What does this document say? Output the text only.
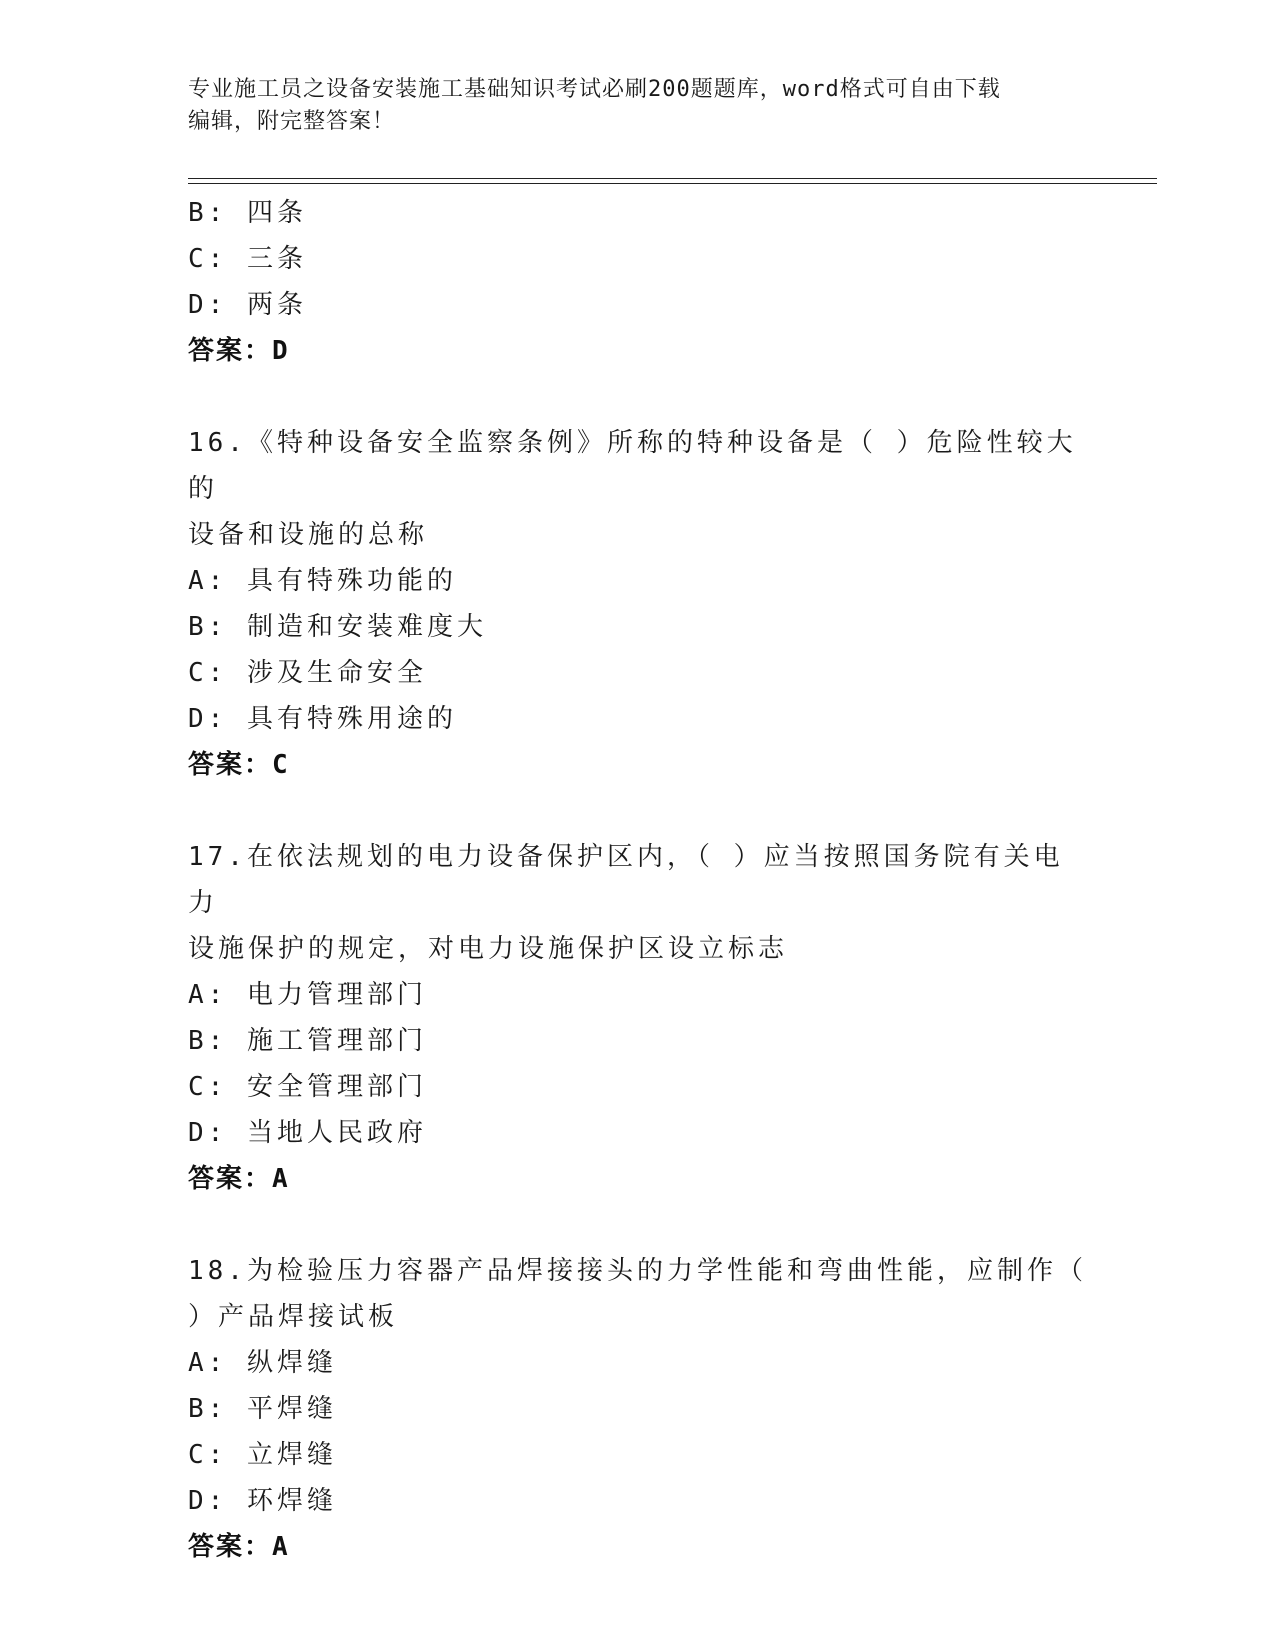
专业施工员之设备安装施工基础知识考试必刷200题题库，word格式可自由下载
编辑，附完整答案！
B: 四条
C: 三条
D: 两条
答案：D
16.《特种设备安全监察条例》所称的特种设备是（ ）危险性较大的
设备和设施的总称
A: 具有特殊功能的
B: 制造和安装难度大
C: 涉及生命安全
D: 具有特殊用途的
答案：C
17.在依法规划的电力设备保护区内，（ ）应当按照国务院有关电力
设施保护的规定，对电力设施保护区设立标志
A: 电力管理部门
B: 施工管理部门
C: 安全管理部门
D: 当地人民政府
答案：A
18.为检验压力容器产品焊接接头的力学性能和弯曲性能，应制作（
）产品焊接试板
A: 纵焊缝
B: 平焊缝
C: 立焊缝
D: 环焊缝
答案：A
